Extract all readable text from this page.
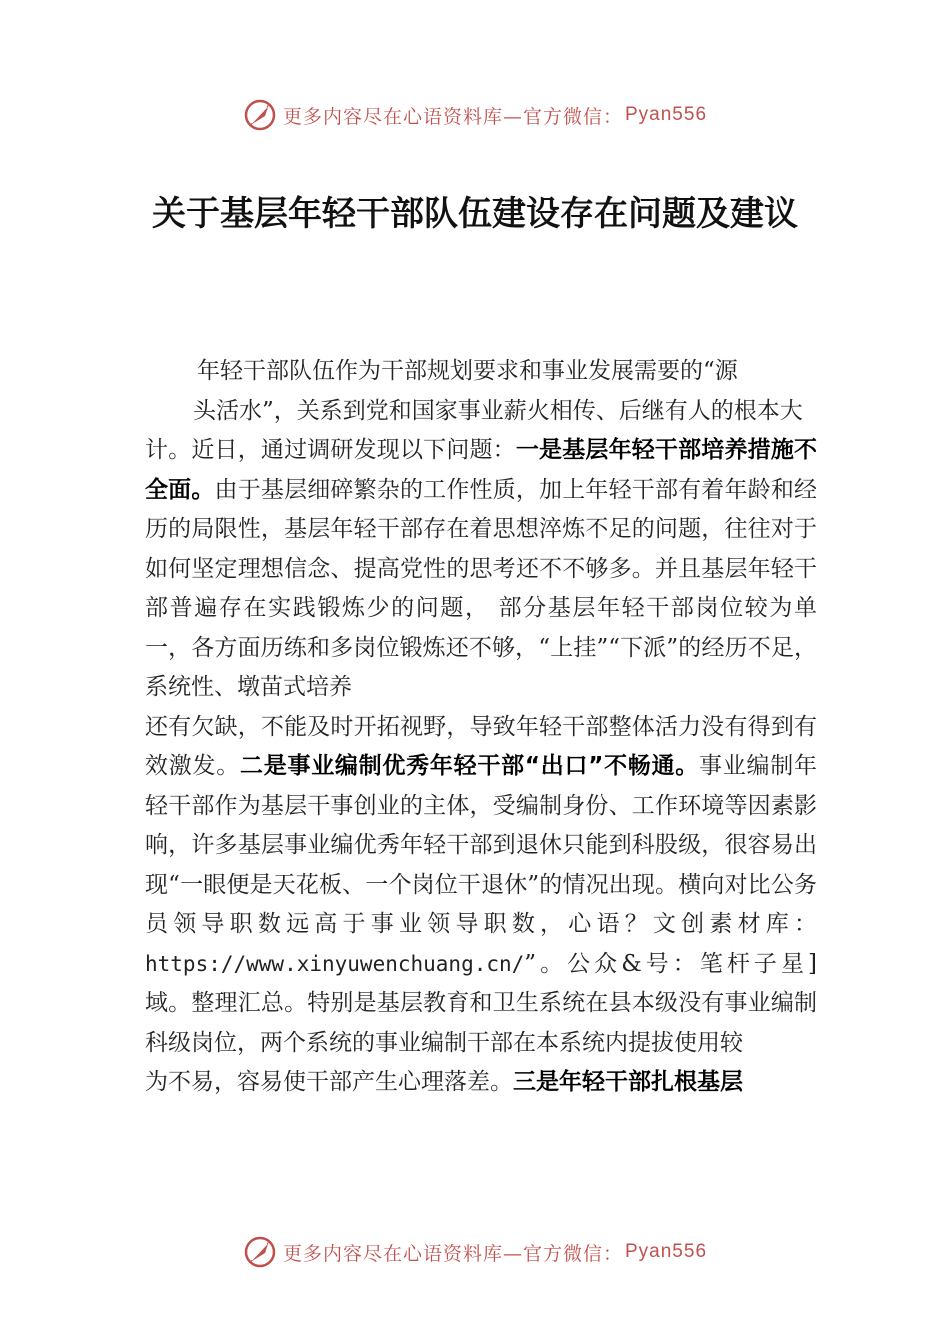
更多内容尽在心语资料库—官方微信： Pyan556
关于基层年轻干部队伍建设存在问题及建议

年轻干部队伍作为干部规划要求和事业发展需要的“源

头活水”，关系到党和国家事业薪火相传、后继有人的根本大

计。近日，通过调研发现以下问题：一是基层年轻干部培养措施不全面。由于基层细碎繁杂的工作性质，加上年轻干部有着年龄和经历的局限性，基层年轻干部存在着思想淬炼不足的问题，往往对于如何坚定理想信念、提高党性的思考还不不够多。并且基层年轻干部普遍存在实践锻炼少的问题， 部分基层年轻干部岗位较为单一，各方面历练和多岗位锻炼还不够，“上挂”“下派”的经历不足，系统性、墩苗式培养

还有欠缺，不能及时开拓视野，导致年轻干部整体活力没有得到有效激发。二是事业编制优秀年轻干部“出口”不畅通。事业编制年轻干部作为基层干事创业的主体，受编制身份、工作环境等因素影响，许多基层事业编优秀年轻干部到退休只能到科股级，很容易出现“一眼便是天花板、一个岗位干退休”的情况出现。横向对比公务员领导职数远高于事业领导职数，心语？文创素材库：https://www.xinyuwenchuang.cn/”。公众&号：笔杆子星]域。整理汇总。特别是基层教育和卫生系统在县本级没有事业编制科级岗位，两个系统的事业编制干部在本系统内提拔使用较

为不易，容易使干部产生心理落差。三是年轻干部扎根基层

更多内容尽在心语资料库—官方微信： Pyan556
